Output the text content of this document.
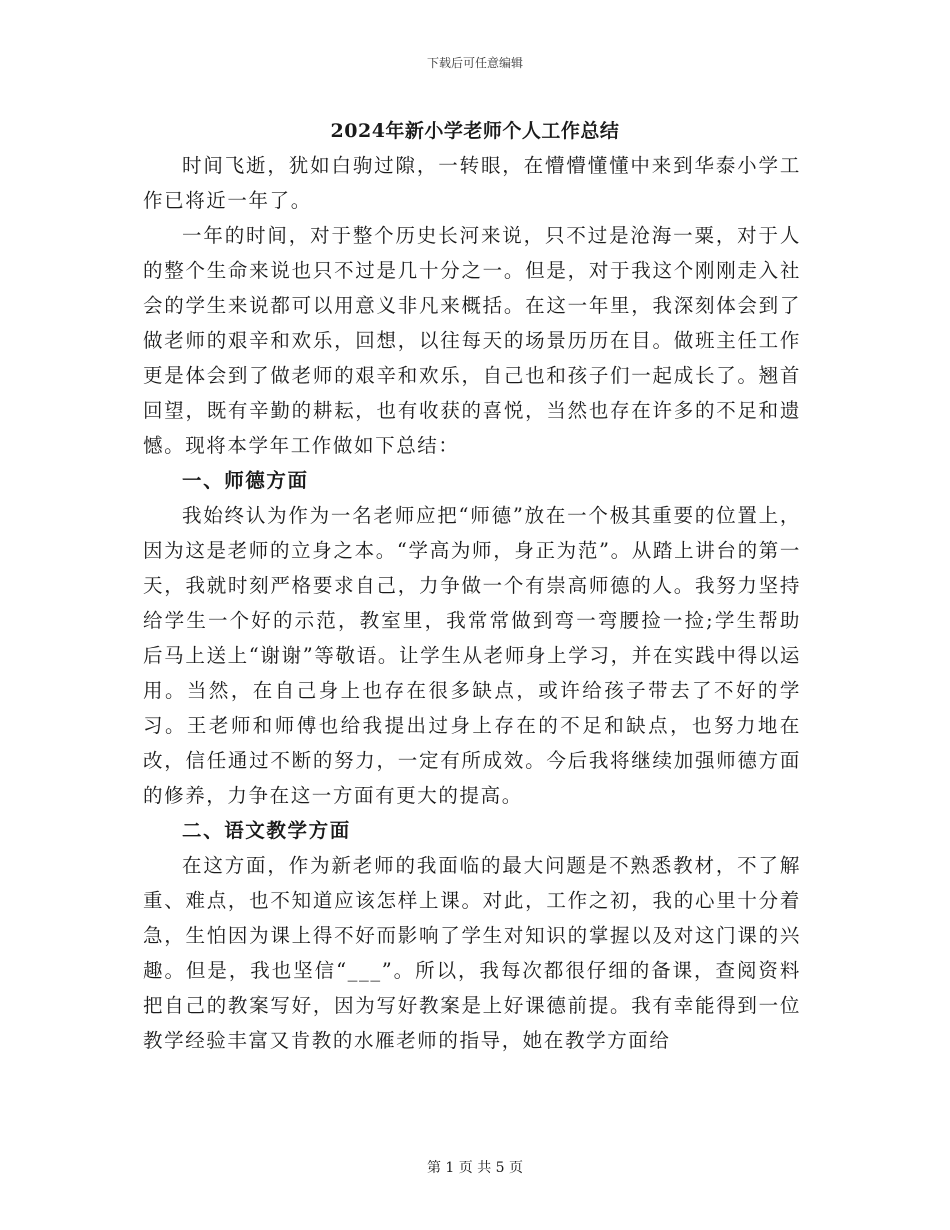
下载后可任意编辑
2024年新小学老师个人工作总结

时间飞逝，犹如白驹过隙，一转眼，在懵懵懂懂中来到华泰小学工作已将近一年了。

一年的时间，对于整个历史长河来说，只不过是沧海一粟，对于人的整个生命来说也只不过是几十分之一。但是，对于我这个刚刚走入社会的学生来说都可以用意义非凡来概括。在这一年里，我深刻体会到了做老师的艰辛和欢乐，回想，以往每天的场景历历在目。做班主任工作更是体会到了做老师的艰辛和欢乐，自己也和孩子们一起成长了。翘首回望，既有辛勤的耕耘，也有收获的喜悦，当然也存在许多的不足和遗憾。现将本学年工作做如下总结：

一、师德方面

我始终认为作为一名老师应把“师德”放在一个极其重要的位置上，因为这是老师的立身之本。“学高为师，身正为范”。从踏上讲台的第一天，我就时刻严格要求自己，力争做一个有崇高师德的人。我努力坚持给学生一个好的示范，教室里，我常常做到弯一弯腰捡一捡;学生帮助后马上送上“谢谢”等敬语。让学生从老师身上学习，并在实践中得以运用。当然，在自己身上也存在很多缺点，或许给孩子带去了不好的学习。王老师和师傅也给我提出过身上存在的不足和缺点，也努力地在改，信任通过不断的努力，一定有所成效。今后我将继续加强师德方面的修养，力争在这一方面有更大的提高。

二、语文教学方面

在这方面，作为新老师的我面临的最大问题是不熟悉教材，不了解重、难点，也不知道应该怎样上课。对此，工作之初，我的心里十分着急，生怕因为课上得不好而影响了学生对知识的掌握以及对这门课的兴趣。但是，我也坚信“___”。所以，我每次都很仔细的备课，查阅资料把自己的教案写好，因为写好教案是上好课德前提。我有幸能得到一位教学经验丰富又肯教的水雁老师的指导，她在教学方面给

第 1 页 共 5 页
